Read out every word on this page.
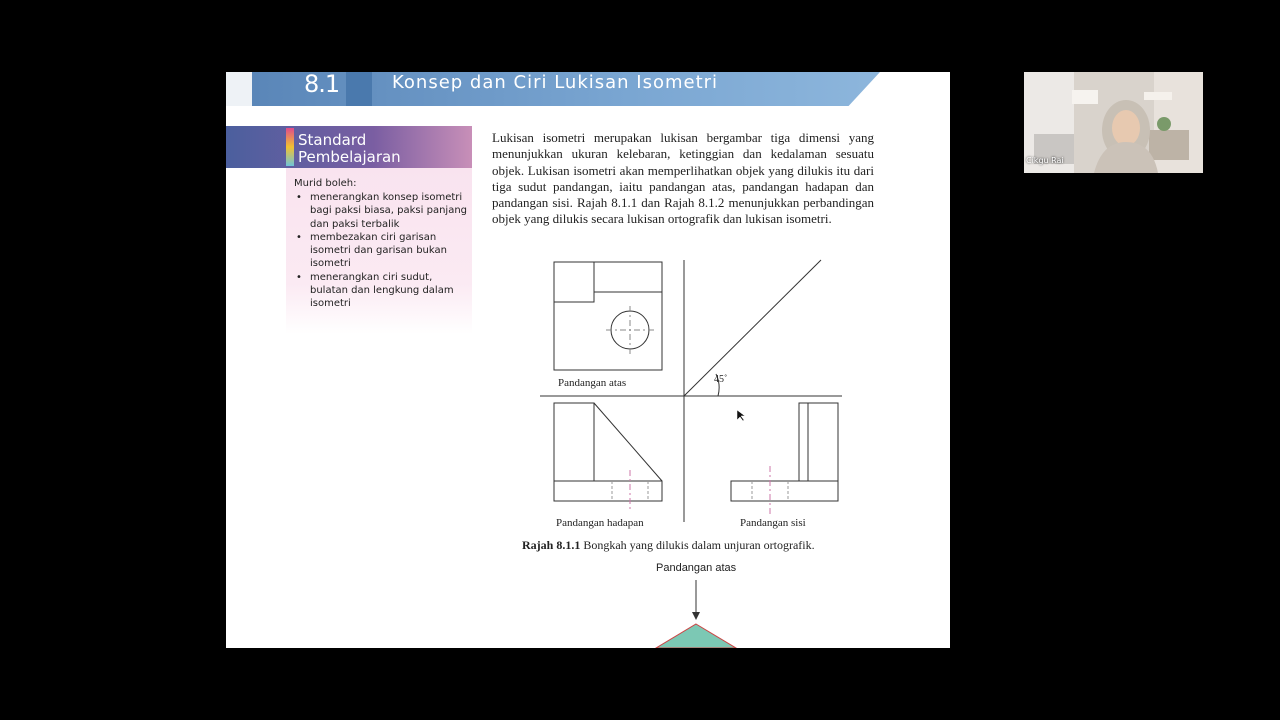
8.1	Konsep dan Ciri Lukisan Isometri
Standard
Pembelajaran
Murid boleh:
• menerangkan konsep isometri bagi paksi biasa, paksi panjang dan paksi terbalik
• membezakan ciri garisan isometri dan garisan bukan isometri
• menerangkan ciri sudut, bulatan dan lengkung dalam isometri
Lukisan isometri merupakan lukisan bergambar tiga dimensi yang menunjukkan ukuran kelebaran, ketinggian dan kedalaman sesuatu objek. Lukisan isometri akan memperlihatkan objek yang dilukis itu dari tiga sudut pandangan, iaitu pandangan atas, pandangan hadapan dan pandangan sisi. Rajah 8.1.1 dan Rajah 8.1.2 menunjukkan perbandingan objek yang dilukis secara lukisan ortografik dan lukisan isometri.
Pandangan atas	45˚
Pandangan hadapan	Pandangan sisi
Rajah 8.1.1 Bongkah yang dilukis dalam unjuran ortografik.
Pandangan atas
Cikgu Rai
